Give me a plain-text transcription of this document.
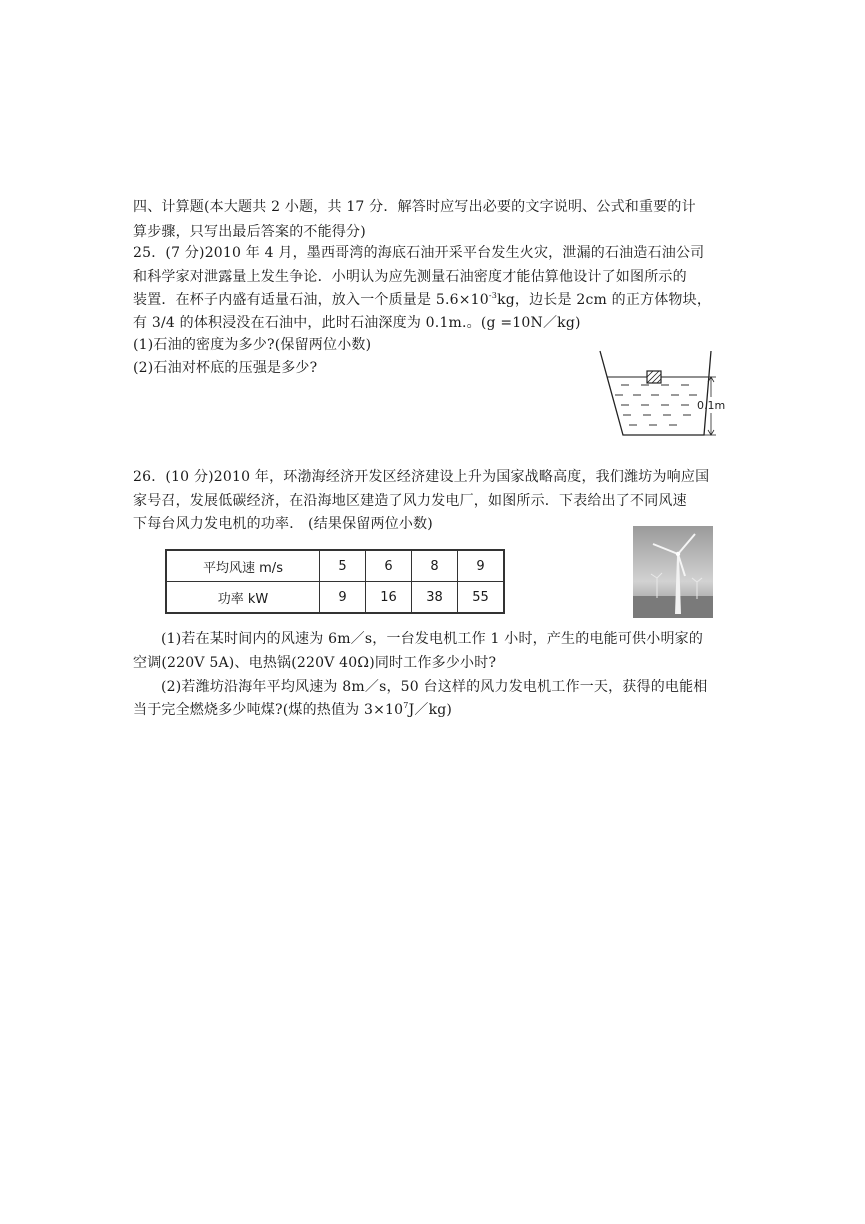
四、计算题(本大题共 2 小题，共 17 分．解答时应写出必要的文字说明、公式和重要的计
算步骤，只写出最后答案的不能得分)
25．(7 分)2010 年 4 月，墨西哥湾的海底石油开采平台发生火灾，泄漏的石油造石油公司
和科学家对泄露量上发生争论．小明认为应先测量石油密度才能估算他设计了如图所示的
装置．在杯子内盛有适量石油，放入一个质量是 $5.6\times 10^{-3}kg$，边长是 2cm 的正方体物块，
有 3/4 的体积浸没在石油中，此时石油深度为 0.1m.。(g =10N／kg)
(1)石油的密度为多少?(保留两位小数)
(2)石油对杯底的压强是多少?
0.1m
26．(10 分)2010 年，环渤海经济开发区经济建设上升为国家战略高度，我们潍坊为响应国
家号召，发展低碳经济，在沿海地区建造了风力发电厂，如图所示．下表给出了不同风速
下每台风力发电机的功率． (结果保留两位小数)
平均风速 m/s	5	6	8	9
功率 kW	9	16	38	55
(1)若在某时间内的风速为 6m／s，一台发电机工作 1 小时，产生的电能可供小明家的
空调(220V 5A)、电热锅(220V 40Ω)同时工作多少小时?
(2)若潍坊沿海年平均风速为 8m／s，50 台这样的风力发电机工作一天，获得的电能相
当于完全燃烧多少吨煤?(煤的热值为 $3\times 10^7J/kg$)
